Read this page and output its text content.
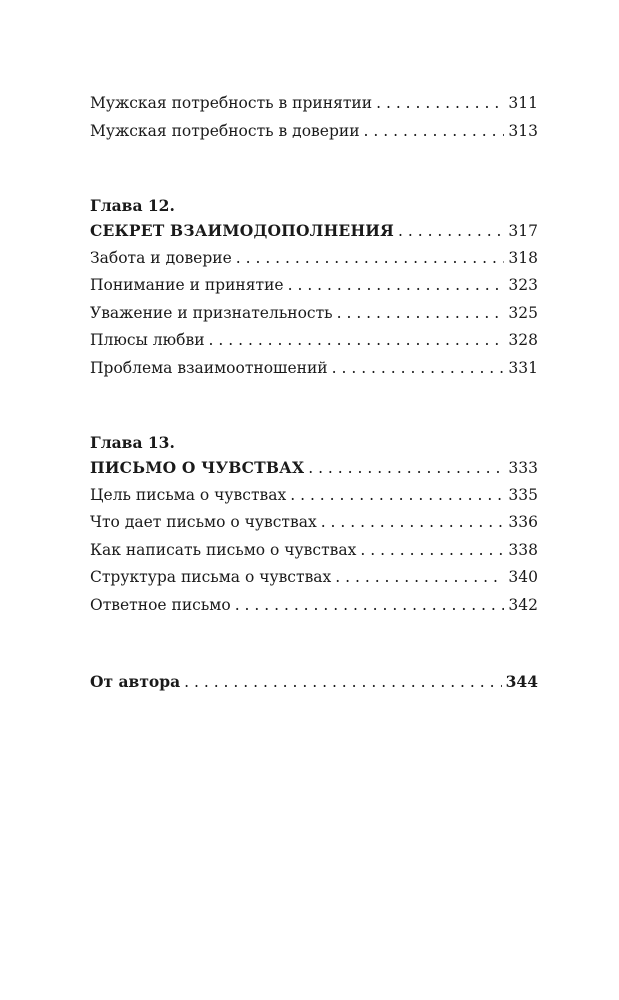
Мужская потребность в принятии . . .	311
Мужская потребность в доверии . . .	313
Глава 12.
СЕКРЕТ ВЗАИМОДОПОЛНЕНИЯ . . .	317
Забота и доверие . . .	318
Понимание и принятие . . .	323
Уважение и признательность . . .	325
Плюсы любви . . .	328
Проблема взаимоотношений . . .	331
Глава 13.
ПИСЬМО О ЧУВСТВАХ . . .	333
Цель письма о чувствах . . .	335
Что дает письмо о чувствах . . .	336
Как написать письмо о чувствах . . .	338
Структура письма о чувствах . . .	340
Ответное письмо . . .	342
От автора . . .	344
